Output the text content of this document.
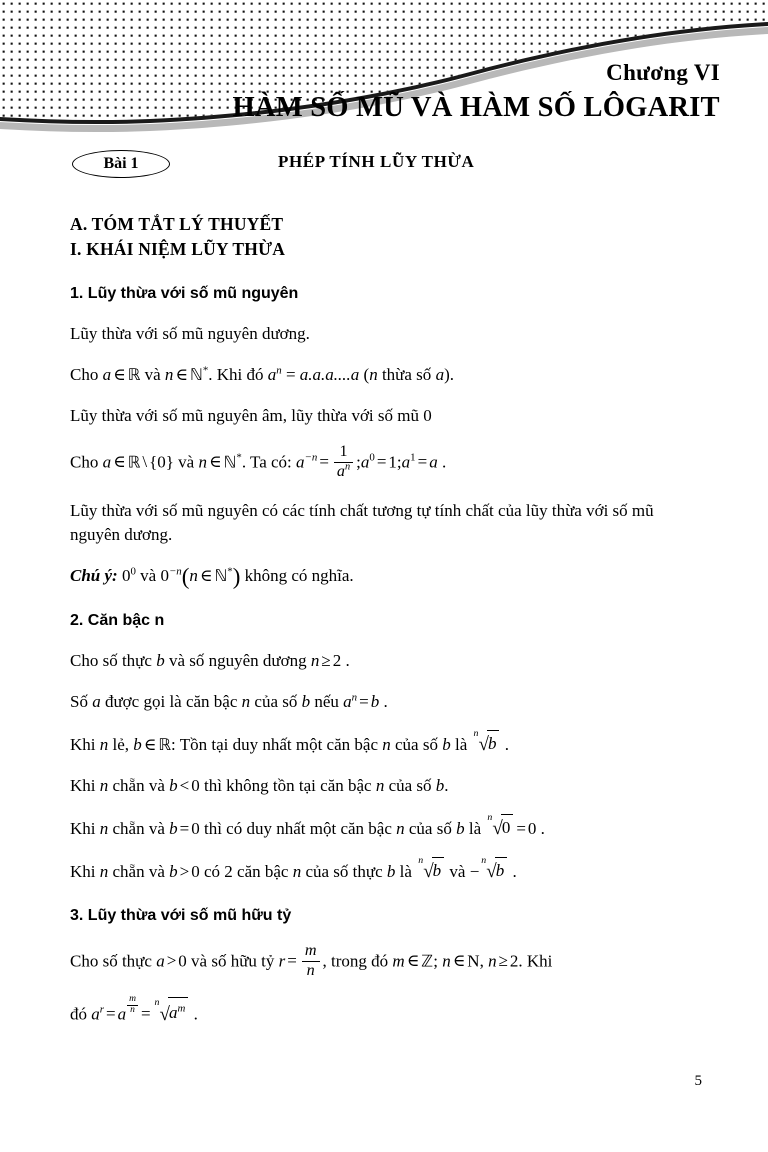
Chương VI
HÀM SỐ MŨ VÀ HÀM SỐ LÔGARIT
Bài 1	PHÉP TÍNH LŨY THỪA
A. TÓM TẮT LÝ THUYẾT
I. KHÁI NIỆM LŨY THỪA
1. Lũy thừa với số mũ nguyên
Lũy thừa với số mũ nguyên dương.
Cho a ∈ ℝ và n ∈ ℕ*. Khi đó $a^n = a.a.a....a$ (n thừa số a).
Lũy thừa với số mũ nguyên âm, lũy thừa với số mũ 0
Cho a ∈ ℝ \ {0} và n ∈ ℕ*. Ta có: $a^{-n} = \frac{1}{a^n}$ $;a^0$ = $1;a^1 = a$ .
Lũy thừa với số mũ nguyên có các tính chất tương tự tính chất của lũy thừa với số mũ nguyên dương.
Chú ý: $0^0$ và $0^{-n}(n$ ∈ ℕ*) không có nghĩa.
2. Căn bậc n
Cho số thực b và số nguyên dương n ≥ 2 .
Số a được gọi là căn bậc n của số b nếu $a^n = b$ .
Khi n lẻ, b ∈ ℝ: Tồn tại duy nhất một căn bậc n của số b là
n
√b .
Khi n chẵn và b < 0 thì không tồn tại căn bậc n của số b.
Khi n chẵn và b = 0 thì có duy nhất một căn bậc n của số b là
n
√0 = 0 .
Khi n chẵn và b > 0 có 2 căn bậc n của số thực b là
n
√b và −
n
√b .
3. Lũy thừa với số mũ hữu tỷ
Cho số thực a > 0 và số hữu tỷ $r = \frac{m}{n}$ , trong đó m ∈ ℤ; n ∈ N, n ≥ 2. Khi
đó $a^r = a \frac{m}{n}$ =
n
$√a^m$ .
5
